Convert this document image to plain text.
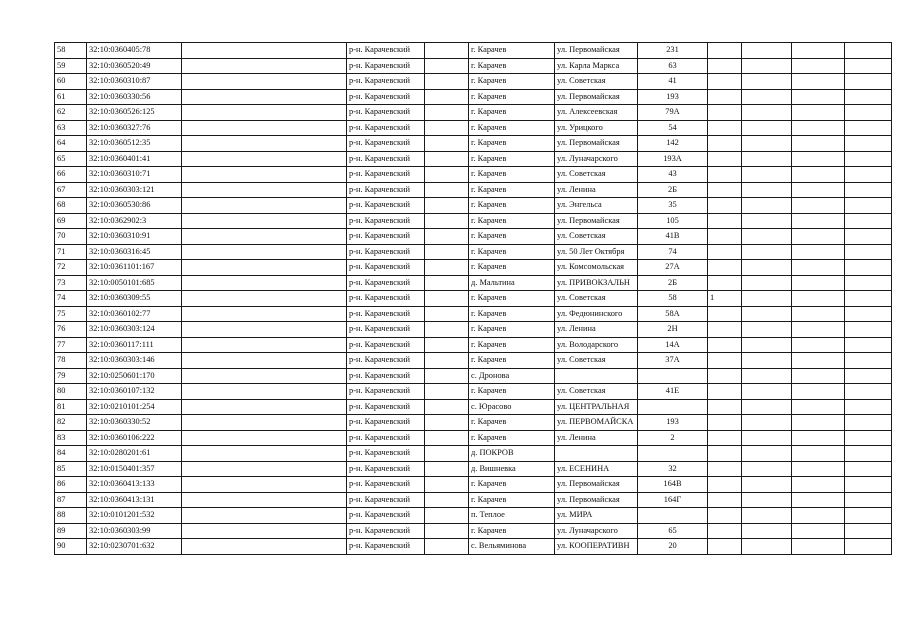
58	32:10:0360405:78		р-н. Карачевский		г. Карачев	ул. Первомайская	231				
59	32:10:0360520:49		р-н. Карачевский		г. Карачев	ул. Карла Маркса	63				
60	32:10:0360310:87		р-н. Карачевский		г. Карачев	ул. Советская	41				
61	32:10:0360330:56		р-н. Карачевский		г. Карачев	ул. Первомайская	193				
62	32:10:0360526:125		р-н. Карачевский		г. Карачев	ул. Алексеевская	79А				
63	32:10:0360327:76		р-н. Карачевский		г. Карачев	ул. Урицкого	54				
64	32:10:0360512:35		р-н. Карачевский		г. Карачев	ул. Первомайская	142				
65	32:10:0360401:41		р-н. Карачевский		г. Карачев	ул. Луначарского	193А				
66	32:10:0360310:71		р-н. Карачевский		г. Карачев	ул. Советская	43				
67	32:10:0360303:121		р-н. Карачевский		г. Карачев	ул. Ленина	2Б				
68	32:10:0360530:86		р-н. Карачевский		г. Карачев	ул. Энгельса	35				
69	32:10:0362902:3		р-н. Карачевский		г. Карачев	ул. Первомайская	105				
70	32:10:0360310:91		р-н. Карачевский		г. Карачев	ул. Советская	41В				
71	32:10:0360316:45		р-н. Карачевский		г. Карачев	ул. 50 Лет Октября	74				
72	32:10:0361101:167		р-н. Карачевский		г. Карачев	ул. Комсомольская	27А				
73	32:10:0050101:685		р-н. Карачевский		д. Мальтина	ул. ПРИВОКЗАЛЬН	2Б				
74	32:10:0360309:55		р-н. Карачевский		г. Карачев	ул. Советская	58	1			
75	32:10:0360102:77		р-н. Карачевский		г. Карачев	ул. Федюнинского	58А				
76	32:10:0360303:124		р-н. Карачевский		г. Карачев	ул. Ленина	2Н				
77	32:10:0360117:111		р-н. Карачевский		г. Карачев	ул. Володарского	14А				
78	32:10:0360303:146		р-н. Карачевский		г. Карачев	ул. Советская	37А				
79	32:10:0250601:170		р-н. Карачевский		с. Дронова						
80	32:10:0360107:132		р-н. Карачевский		г. Карачев	ул. Советская	41Е				
81	32:10:0210101:254		р-н. Карачевский		с. Юрасово	ул. ЦЕНТРАЛЬНАЯ					
82	32:10:0360330:52		р-н. Карачевский		г. Карачев	ул. ПЕРВОМАЙСКА	193				
83	32:10:0360106:222		р-н. Карачевский		г. Карачев	ул. Ленина	2				
84	32:10:0280201:61		р-н. Карачевский		д. ПОКРОВ						
85	32:10:0150401:357		р-н. Карачевский		д. Вишневка	ул. ЕСЕНИНА	32				
86	32:10:0360413:133		р-н. Карачевский		г. Карачев	ул. Первомайская	164В				
87	32:10:0360413:131		р-н. Карачевский		г. Карачев	ул. Первомайская	164Г				
88	32:10:0101201:532		р-н. Карачевский		п. Теплое	ул. МИРА					
89	32:10:0360303:99		р-н. Карачевский		г. Карачев	ул. Луначарского	65				
90	32:10:0230701:632		р-н. Карачевский		с. Вельяминова	ул. КООПЕРАТИВН	20				
